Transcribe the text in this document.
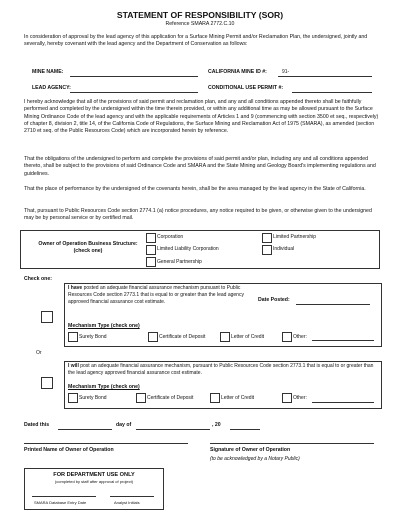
STATEMENT OF RESPONSIBILITY (SOR)
Reference SMARA 2772.C.10
In consideration of approval by the lead agency of this application for a Surface Mining Permit and/or Reclamation Plan, the undersigned, jointly and severally, hereby covenant with the lead agency and the Department of Conservation as follows:
MINE NAME:	CALIFORNIA MINE ID #:	91-
LEAD AGENCY:	CONDITIONAL USE PERMIT #:
I hereby acknowledge that all of the provisions of said permit and reclamation plan, and any and all conditions appended thereto shall be faithfully performed and completed by the undersigned within the time therein provided, or within any additional time as may be allowed pursuant to the Surface Mining Ordinance Code of the lead agency and with the applicable requirements of Articles 1 and 9 (commencing with section 3500 et seq., respectively) of chapter 8, division 2, title 14, of the California Code of Regulations, the Surface Mining and Reclamation Act of 1975 (SMARA), as amended (section 2710 et seq. of the Public Resources Code) which are incorporated herein by reference.
That the obligations of the undersigned to perform and complete the provisions of said permit and/or plan, including any and all conditions appended thereto, shall be subject to the provisions of said Ordinance Code and SMARA and the State Mining and Geology Board's implementing regulations and guidelines.
That the place of performance by the undersigned of the covenants herein, shall be the area managed by the lead agency in the State of California.
That, pursuant to Public Resources Code section 2774.1 (a) notice procedures, any notice required to be given, or otherwise given to the undersigned may be by personal service or by certified mail.
Owner of Operation Business Structure:
(check one)
Corporation	Limited Partnership
Limited Liability Corporation	Individual
General Partnership
Check one:
I have posted an adequate financial assurance mechanism pursuant to Public Resources Code section 2773.1 that is equal to or greater than the lead agency approved financial assurance cost estimate.	Date Posted:
Mechanism Type (check one)
Surety Bond	Certificate of Deposit	Letter of Credit	Other:
Or
I will post an adequate financial assurance mechanism, pursuant to Public Resources Code section 2773.1 that is equal to or greater than the lead agency approved financial assurance cost estimate.
Mechanism Type (check one)
Surety Bond	Certificate of Deposit	Letter of Credit	Other:
Dated this	day of	, 20
Printed Name of Owner of Operation	Signature of Owner of Operation
(to be acknowledged by a Notary Public)
FOR DEPARTMENT USE ONLY
(completed by staff after approval of project)
SMARA Database Entry Date	Analyst Initials
